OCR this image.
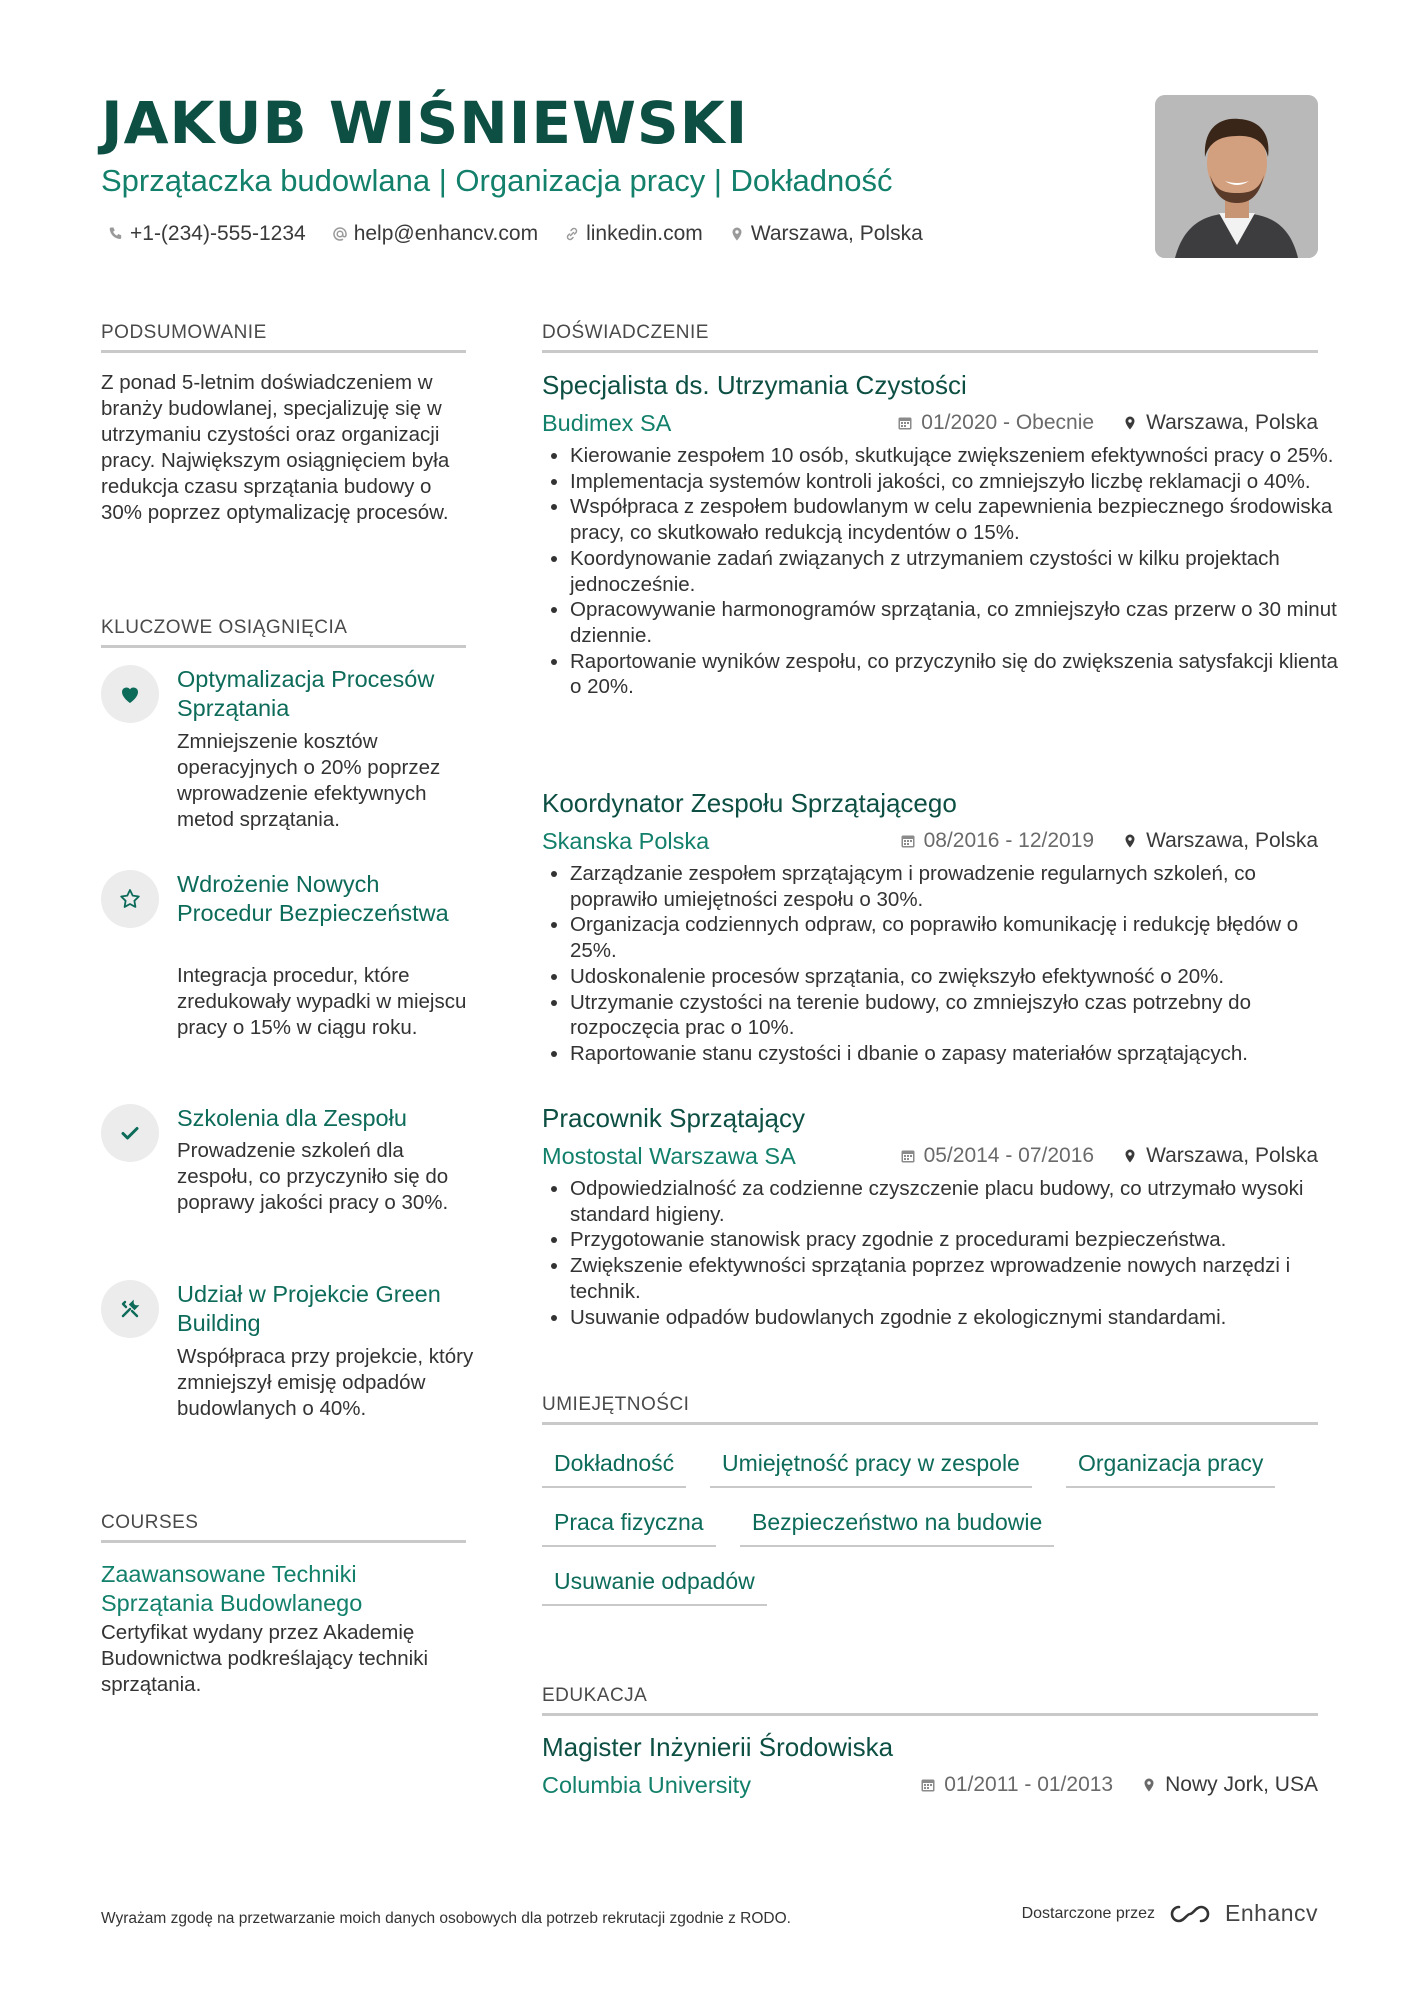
JAKUB WIŚNIEWSKI
Sprzątaczka budowlana | Organizacja pracy | Dokładność
+1-(234)-555-1234 help@enhancv.com linkedin.com Warszawa, Polska
PODSUMOWANIE
Z ponad 5-letnim doświadczeniem w branży budowlanej, specjalizuję się w utrzymaniu czystości oraz organizacji pracy. Największym osiągnięciem była redukcja czasu sprzątania budowy o 30% poprzez optymalizację procesów.
KLUCZOWE OSIĄGNIĘCIA
Optymalizacja Procesów Sprzątania
Zmniejszenie kosztów operacyjnych o 20% poprzez wprowadzenie efektywnych metod sprzątania.
Wdrożenie Nowych Procedur Bezpieczeństwa
Integracja procedur, które zredukowały wypadki w miejscu pracy o 15% w ciągu roku.
Szkolenia dla Zespołu
Prowadzenie szkoleń dla zespołu, co przyczyniło się do poprawy jakości pracy o 30%.
Udział w Projekcie Green Building
Współpraca przy projekcie, który zmniejszył emisję odpadów budowlanych o 40%.
COURSES
Zaawansowane Techniki Sprzątania Budowlanego
Certyfikat wydany przez Akademię Budownictwa podkreślający techniki sprzątania.
DOŚWIADCZENIE
Specjalista ds. Utrzymania Czystości
Budimex SA	01/2020 - Obecnie Warszawa, Polska
• Kierowanie zespołem 10 osób, skutkujące zwiększeniem efektywności pracy o 25%.
• Implementacja systemów kontroli jakości, co zmniejszyło liczbę reklamacji o 40%.
• Współpraca z zespołem budowlanym w celu zapewnienia bezpiecznego środowiska pracy, co skutkowało redukcją incydentów o 15%.
• Koordynowanie zadań związanych z utrzymaniem czystości w kilku projektach jednocześnie.
• Opracowywanie harmonogramów sprzątania, co zmniejszyło czas przerw o 30 minut dziennie.
• Raportowanie wyników zespołu, co przyczyniło się do zwiększenia satysfakcji klienta o 20%.
Koordynator Zespołu Sprzątającego
Skanska Polska	08/2016 - 12/2019 Warszawa, Polska
• Zarządzanie zespołem sprzątającym i prowadzenie regularnych szkoleń, co poprawiło umiejętności zespołu o 30%.
• Organizacja codziennych odpraw, co poprawiło komunikację i redukcję błędów o 25%.
• Udoskonalenie procesów sprzątania, co zwiększyło efektywność o 20%.
• Utrzymanie czystości na terenie budowy, co zmniejszyło czas potrzebny do rozpoczęcia prac o 10%.
• Raportowanie stanu czystości i dbanie o zapasy materiałów sprzątających.
Pracownik Sprzątający
Mostostal Warszawa SA	05/2014 - 07/2016 Warszawa, Polska
• Odpowiedzialność za codzienne czyszczenie placu budowy, co utrzymało wysoki standard higieny.
• Przygotowanie stanowisk pracy zgodnie z procedurami bezpieczeństwa.
• Zwiększenie efektywności sprzątania poprzez wprowadzenie nowych narzędzi i technik.
• Usuwanie odpadów budowlanych zgodnie z ekologicznymi standardami.
UMIEJĘTNOŚCI
Dokładność	Umiejętność pracy w zespole	Organizacja pracy
Praca fizyczna	Bezpieczeństwo na budowie
Usuwanie odpadów
EDUKACJA
Magister Inżynierii Środowiska
Columbia University	01/2011 - 01/2013 Nowy Jork, USA
Wyrażam zgodę na przetwarzanie moich danych osobowych dla potrzeb rekrutacji zgodnie z RODO.	Dostarczone przez	Enhancv
